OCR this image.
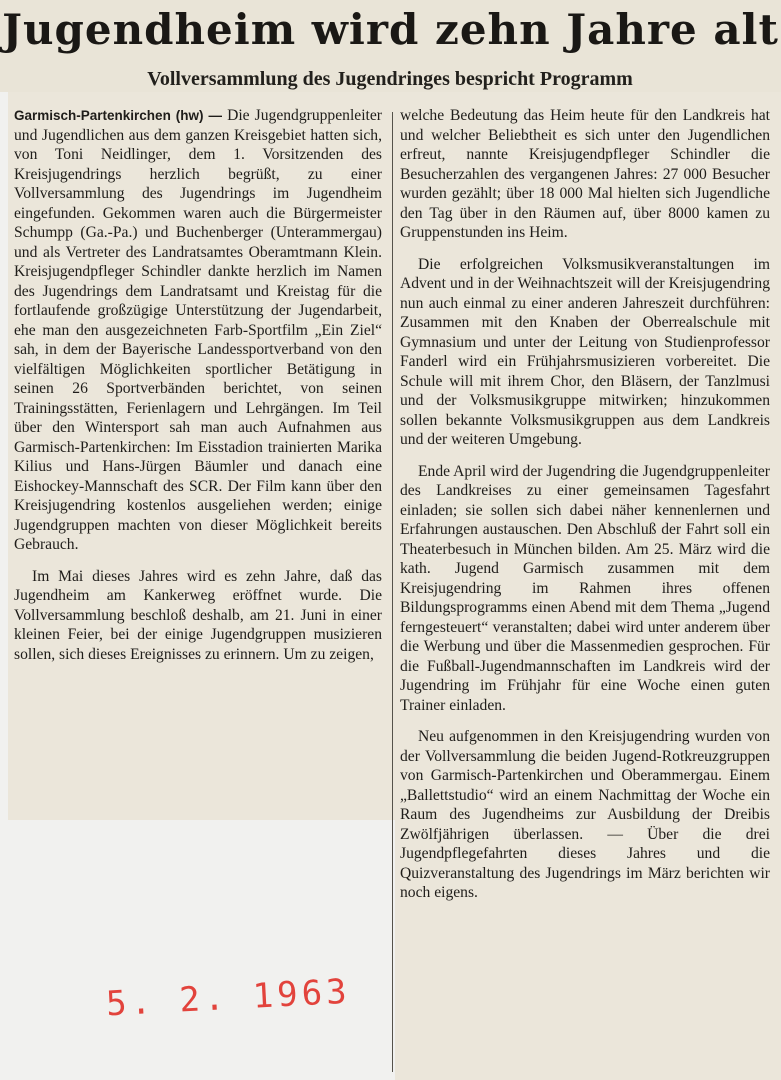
Jugendheim wird zehn Jahre alt
Vollversammlung des Jugendringes bespricht Programm

Garmisch-Partenkirchen (hw) — Die Jugendgruppenleiter und Jugendlichen aus dem ganzen Kreisgebiet hatten sich, von Toni Neidlinger, dem 1. Vorsitzenden des Kreisjugendrings herzlich begrüßt, zu einer Vollversammlung des Jugendrings im Jugendheim eingefunden. Gekommen waren auch die Bürgermeister Schumpp (Ga.-Pa.) und Buchenberger (Unterammergau) und als Vertreter des Landratsamtes Oberamtmann Klein. Kreisjugendpfleger Schindler dankte herzlich im Namen des Jugendrings dem Landratsamt und Kreistag für die fortlaufende großzügige Unterstützung der Jugendarbeit, ehe man den ausgezeichneten Farb-Sportfilm „Ein Ziel“ sah, in dem der Bayerische Landessportverband von den vielfältigen Möglichkeiten sportlicher Betätigung in seinen 26 Sportverbänden berichtet, von seinen Trainingsstätten, Ferienlagern und Lehrgängen. Im Teil über den Wintersport sah man auch Aufnahmen aus Garmisch-Partenkirchen: Im Eisstadion trainierten Marika Kilius und Hans-Jürgen Bäumler und danach eine Eishockey-Mannschaft des SCR. Der Film kann über den Kreisjugendring kostenlos ausgeliehen werden; einige Jugendgruppen machten von dieser Möglichkeit bereits Gebrauch.

Im Mai dieses Jahres wird es zehn Jahre, daß das Jugendheim am Kankerweg eröffnet wurde. Die Vollversammlung beschloß deshalb, am 21. Juni in einer kleinen Feier, bei der einige Jugendgruppen musizieren sollen, sich dieses Ereignisses zu erinnern. Um zu zeigen,

welche Bedeutung das Heim heute für den Landkreis hat und welcher Beliebtheit es sich unter den Jugendlichen erfreut, nannte Kreisjugendpfleger Schindler die Besucherzahlen des vergangenen Jahres: 27 000 Besucher wurden gezählt; über 18 000 Mal hielten sich Jugendliche den Tag über in den Räumen auf, über 8000 kamen zu Gruppenstunden ins Heim.

Die erfolgreichen Volksmusikveranstaltungen im Advent und in der Weihnachtszeit will der Kreisjugendring nun auch einmal zu einer anderen Jahreszeit durchführen: Zusammen mit den Knaben der Oberrealschule mit Gymnasium und unter der Leitung von Studienprofessor Fanderl wird ein Frühjahrsmusizieren vorbereitet. Die Schule will mit ihrem Chor, den Bläsern, der Tanzlmusi und der Volksmusikgruppe mitwirken; hinzukommen sollen bekannte Volksmusikgruppen aus dem Landkreis und der weiteren Umgebung.

Ende April wird der Jugendring die Jugendgruppenleiter des Landkreises zu einer gemeinsamen Tagesfahrt einladen; sie sollen sich dabei näher kennenlernen und Erfahrungen austauschen. Den Abschluß der Fahrt soll ein Theaterbesuch in München bilden. Am 25. März wird die kath. Jugend Garmisch zusammen mit dem Kreisjugendring im Rahmen ihres offenen Bildungsprogramms einen Abend mit dem Thema „Jugend ferngesteuert“ veranstalten; dabei wird unter anderem über die Werbung und über die Massenmedien gesprochen. Für die Fußball-Jugendmannschaften im Landkreis wird der Jugendring im Frühjahr für eine Woche einen guten Trainer einladen.

Neu aufgenommen in den Kreisjugendring wurden von der Vollversammlung die beiden Jugend-Rotkreuzgruppen von Garmisch-Partenkirchen und Oberammergau. Einem „Ballettstudio“ wird an einem Nachmittag der Woche ein Raum des Jugendheims zur Ausbildung der Dreibis Zwölfjährigen überlassen. — Über die drei Jugendpflegefahrten dieses Jahres und die Quizveranstaltung des Jugendrings im März berichten wir noch eigens.

5. 2. 1963
